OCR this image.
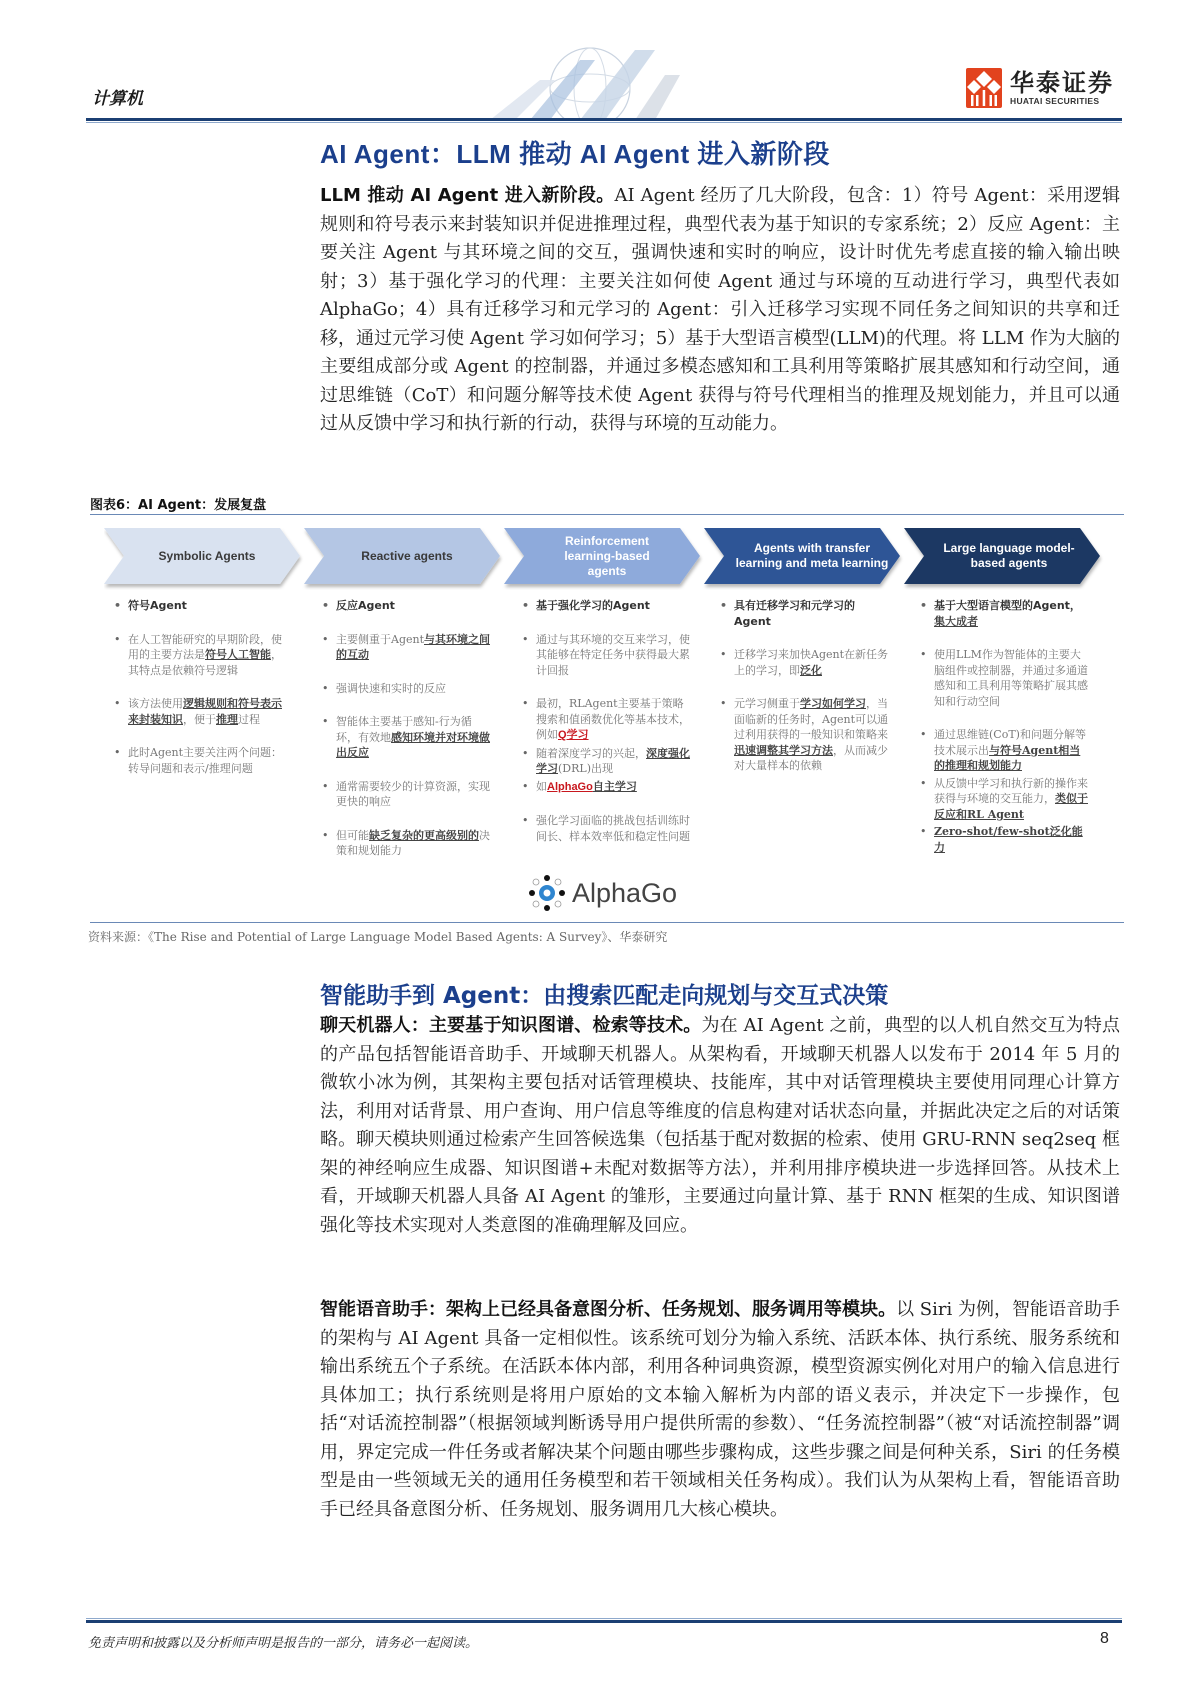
计算机
华泰证券
HUATAI SECURITIES
AI Agent：LLM 推动 AI Agent 进入新阶段
LLM 推动 AI Agent 进入新阶段。AI Agent 经历了几大阶段，包含：1）符号 Agent：采用逻辑规则和符号表示来封装知识并促进推理过程，典型代表为基于知识的专家系统；2）反应 Agent：主要关注 Agent 与其环境之间的交互，强调快速和实时的响应，设计时优先考虑直接的输入输出映射；3）基于强化学习的代理：主要关注如何使 Agent 通过与环境的互动进行学习，典型代表如 AlphaGo；4）具有迁移学习和元学习的 Agent：引入迁移学习实现不同任务之间知识的共享和迁移，通过元学习使 Agent 学习如何学习；5）基于大型语言模型(LLM)的代理。将 LLM 作为大脑的主要组成部分或 Agent 的控制器，并通过多模态感知和工具利用等策略扩展其感知和行动空间，通过思维链（CoT）和问题分解等技术使 Agent 获得与符号代理相当的推理及规划能力，并且可以通过从反馈中学习和执行新的行动，获得与环境的互动能力。
图表6：AI Agent：发展复盘
Symbolic Agents	Reactive agents
Reinforcement learning-based agents
Agents with transfer learning and meta learning
Large language model-based agents
• 符号Agent
• 在人工智能研究的早期阶段，使用的主要方法是符号人工智能，其特点是依赖符号逻辑
• 该方法使用逻辑规则和符号表示来封装知识，便于推理过程
• 此时Agent主要关注两个问题：转导问题和表示/推理问题
• 反应Agent
• 主要侧重于Agent与其环境之间的互动
• 强调快速和实时的反应
• 智能体主要基于感知-行为循环，有效地感知环境并对环境做出反应
• 通常需要较少的计算资源，实现更快的响应
• 但可能缺乏复杂的更高级别的决策和规划能力
• 基于强化学习的Agent
• 通过与其环境的交互来学习，使其能够在特定任务中获得最大累计回报
• 最初，RLAgent主要基于策略搜索和值函数优化等基本技术，例如Q学习
• 随着深度学习的兴起，深度强化学习(DRL)出现
• 如AlphaGo自主学习
• 强化学习面临的挑战包括训练时间长、样本效率低和稳定性问题
AlphaGo
• 具有迁移学习和元学习的Agent
• 迁移学习来加快Agent在新任务上的学习，即泛化
• 元学习侧重于学习如何学习，当面临新的任务时，Agent可以通过利用获得的一般知识和策略来迅速调整其学习方法，从而减少对大量样本的依赖
• 基于大型语言模型的Agent，集大成者
• 使用LLM作为智能体的主要大脑组件或控制器，并通过多通道感知和工具利用等策略扩展其感知和行动空间
• 通过思维链(CoT)和问题分解等技术展示出与符号Agent相当的推理和规划能力
• 从反馈中学习和执行新的操作来获得与环境的交互能力，类似于反应和RL Agent
• Zero-shot/few-shot泛化能力
资料来源：《The Rise and Potential of Large Language Model Based Agents: A Survey》、华泰研究
智能助手到 Agent：由搜索匹配走向规划与交互式决策
聊天机器人：主要基于知识图谱、检索等技术。为在 AI Agent 之前，典型的以人机自然交互为特点的产品包括智能语音助手、开域聊天机器人。从架构看，开域聊天机器人以发布于 2014 年 5 月的微软小冰为例，其架构主要包括对话管理模块、技能库，其中对话管理模块主要使用同理心计算方法，利用对话背景、用户查询、用户信息等维度的信息构建对话状态向量，并据此决定之后的对话策略。聊天模块则通过检索产生回答候选集（包括基于配对数据的检索、使用 GRU-RNN seq2seq 框架的神经响应生成器、知识图谱+未配对数据等方法），并利用排序模块进一步选择回答。从技术上看，开域聊天机器人具备 AI Agent 的雏形，主要通过向量计算、基于 RNN 框架的生成、知识图谱强化等技术实现对人类意图的准确理解及回应。
智能语音助手：架构上已经具备意图分析、任务规划、服务调用等模块。以 Siri 为例，智能语音助手的架构与 AI Agent 具备一定相似性。该系统可划分为输入系统、活跃本体、执行系统、服务系统和输出系统五个子系统。在活跃本体内部，利用各种词典资源，模型资源实例化对用户的输入信息进行具体加工；执行系统则是将用户原始的文本输入解析为内部的语义表示，并决定下一步操作，包括“对话流控制器”（根据领域判断诱导用户提供所需的参数）、“任务流控制器”（被“对话流控制器”调用，界定完成一件任务或者解决某个问题由哪些步骤构成，这些步骤之间是何种关系，Siri 的任务模型是由一些领域无关的通用任务模型和若干领域相关任务构成）。我们认为从架构上看，智能语音助手已经具备意图分析、任务规划、服务调用几大核心模块。
免责声明和披露以及分析师声明是报告的一部分，请务必一起阅读。	8
